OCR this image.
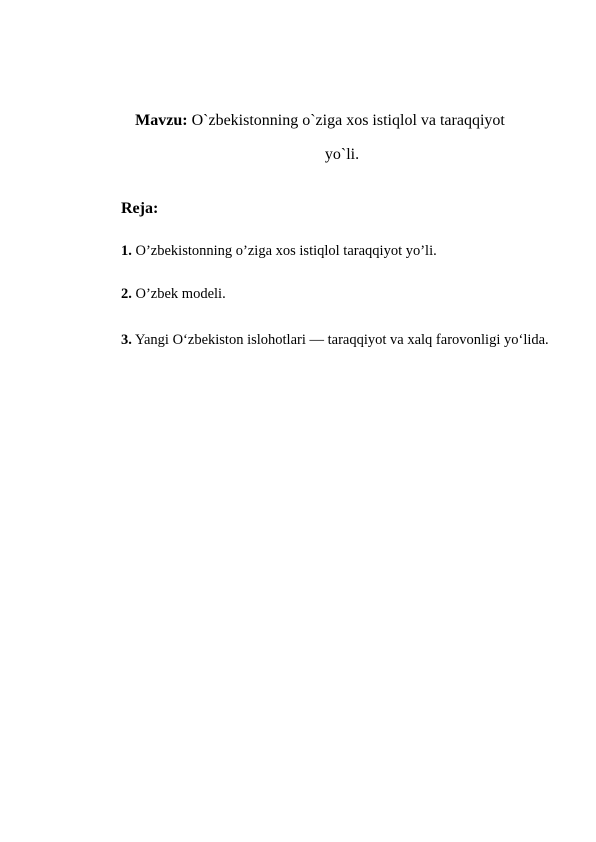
Mavzu: O`zbekistonning o`ziga xos istiqlol va taraqqiyot
yo`li.
Reja:
1. O’zbekistonning o’ziga xos istiqlol taraqqiyot yo’li.
2. O’zbek modeli.
3. Yangi O‘zbekiston islohotlari — taraqqiyot va xalq farovonligi yo‘lida.
